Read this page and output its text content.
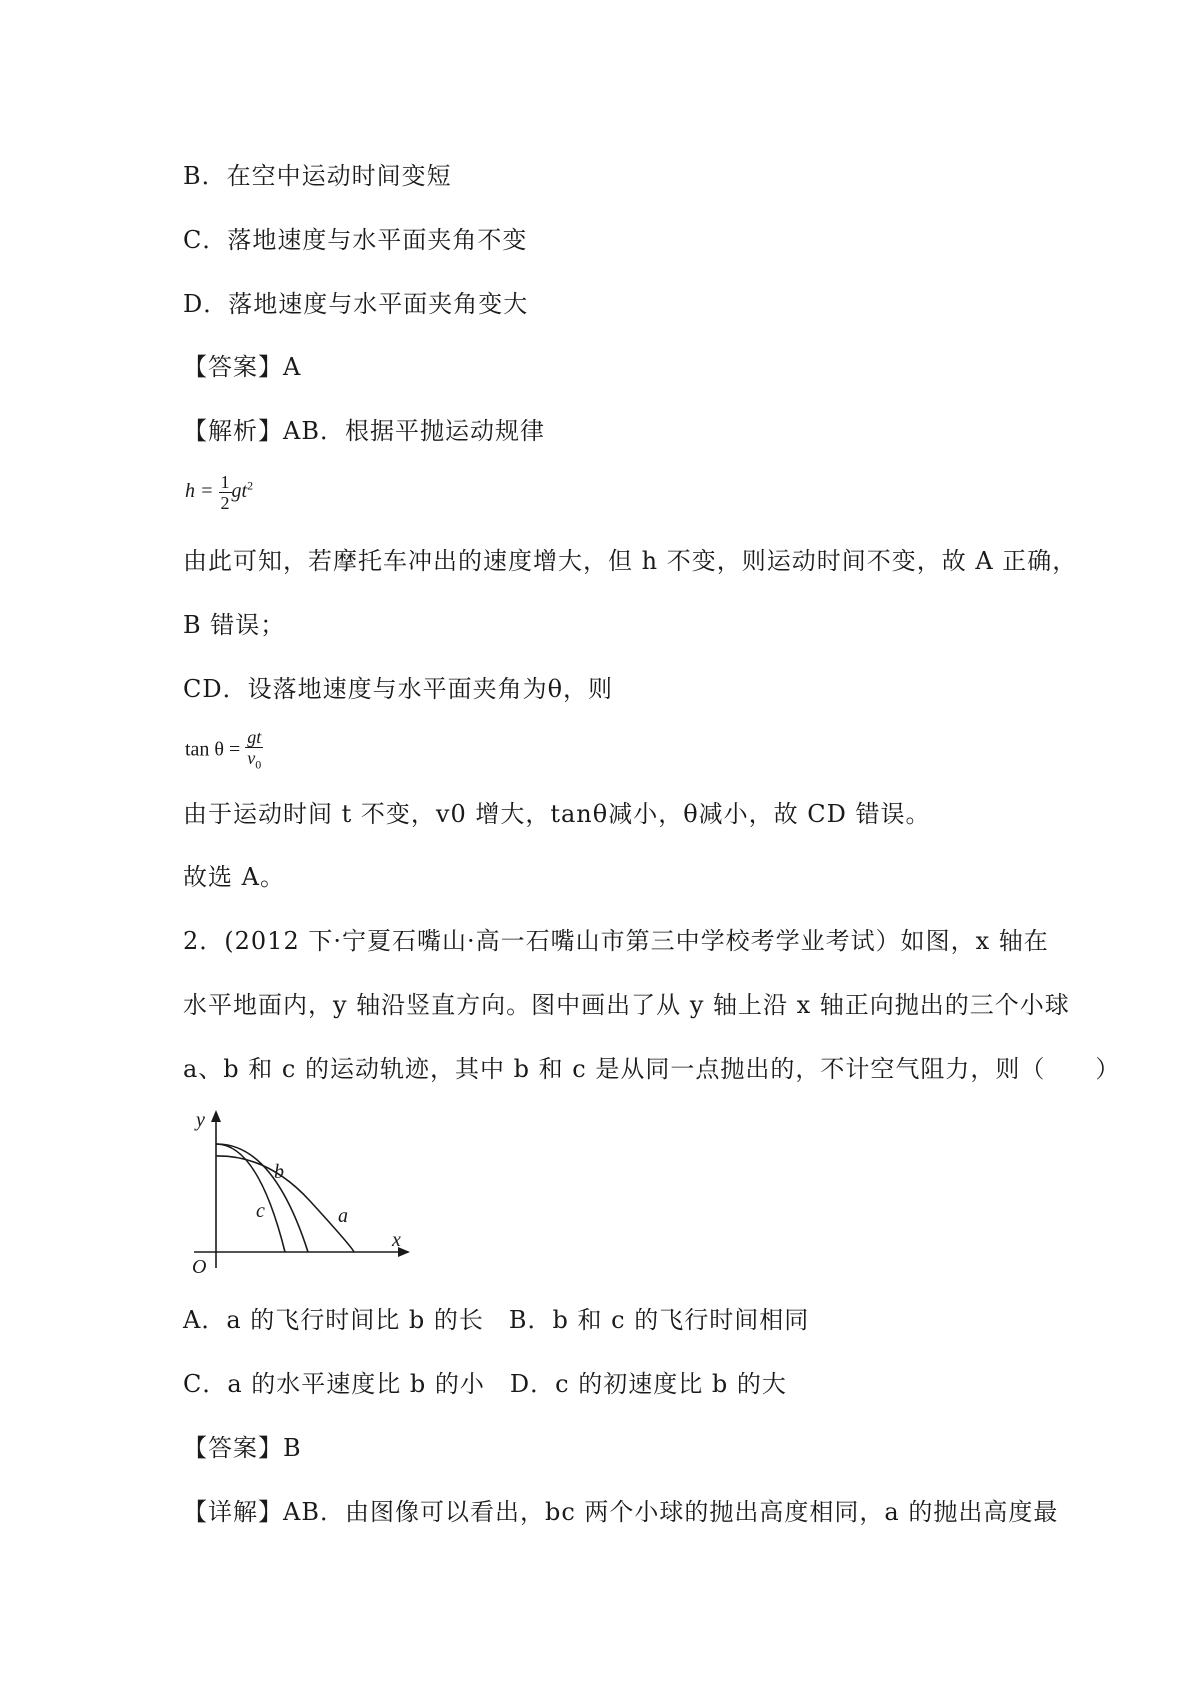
B．在空中运动时间变短
C．落地速度与水平面夹角不变
D．落地速度与水平面夹角变大
【答案】A
【解析】AB．根据平抛运动规律
$h = \frac{1}{2} gt^2$
由此可知，若摩托车冲出的速度增大，但 h 不变，则运动时间不变，故 A 正确，
B 错误；
CD．设落地速度与水平面夹角为θ，则
$\tan \theta = \frac{gt}{v_0}$
由于运动时间 t 不变，v0 增大，tanθ减小，θ减小，故 CD 错误。
故选 A。
2．(2012 下·宁夏石嘴山·高一石嘴山市第三中学校考学业考试）如图，x 轴在
水平地面内，y 轴沿竖直方向。图中画出了从 y 轴上沿 x 轴正向抛出的三个小球
a、b 和 c 的运动轨迹，其中 b 和 c 是从同一点抛出的，不计空气阻力，则（　　）
y
x
O
a
b
c
A．a 的飞行时间比 b 的长　B．b 和 c 的飞行时间相同
C．a 的水平速度比 b 的小　D．c 的初速度比 b 的大
【答案】B
【详解】AB．由图像可以看出，bc 两个小球的抛出高度相同，a 的抛出高度最
